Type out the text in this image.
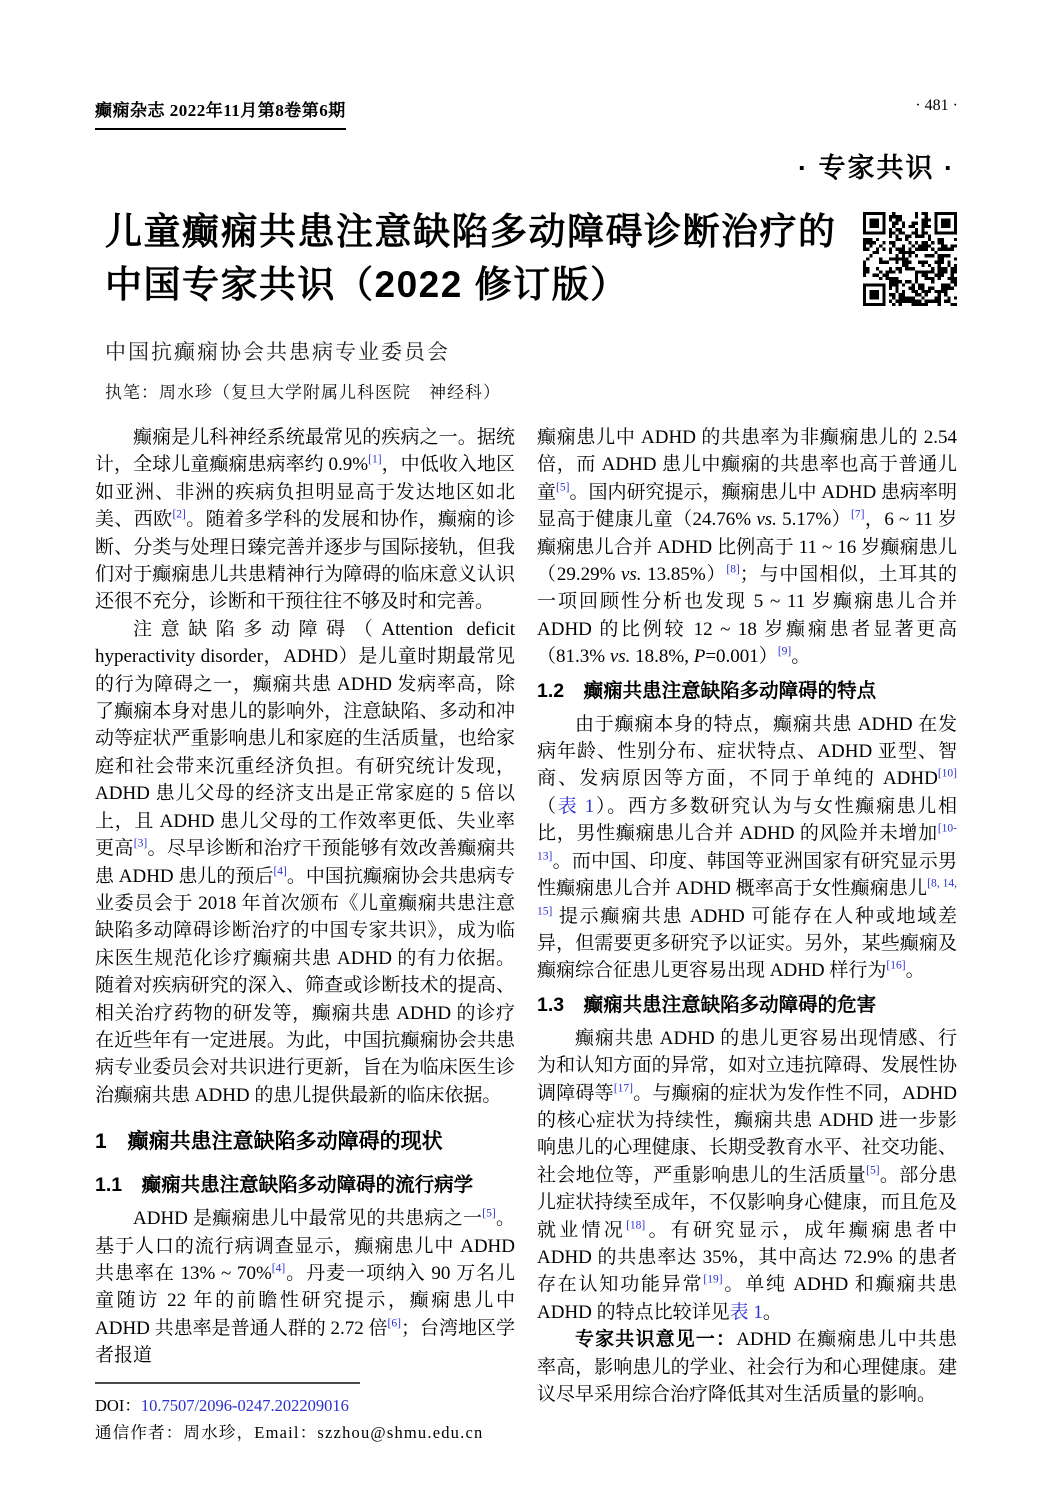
癫痫杂志 2022年11月第8卷第6期	· 481 ·
· 专家共识 ·
儿童癫痫共患注意缺陷多动障碍诊断治疗的
中国专家共识（2022 修订版）
中国抗癫痫协会共患病专业委员会
执笔：周水珍（复旦大学附属儿科医院　神经科）

癫痫是儿科神经系统最常见的疾病之一。据统计，全球儿童癫痫患病率约 0.9%[1]，中低收入地区如亚洲、非洲的疾病负担明显高于发达地区如北美、西欧[2]。随着多学科的发展和协作，癫痫的诊断、分类与处理日臻完善并逐步与国际接轨，但我们对于癫痫患儿共患精神行为障碍的临床意义认识还很不充分，诊断和干预往往不够及时和完善。

注意缺陷多动障碍（Attention deficit hyperactivity disorder，ADHD）是儿童时期最常见的行为障碍之一，癫痫共患 ADHD 发病率高，除了癫痫本身对患儿的影响外，注意缺陷、多动和冲动等症状严重影响患儿和家庭的生活质量，也给家庭和社会带来沉重经济负担。有研究统计发现，ADHD 患儿父母的经济支出是正常家庭的 5 倍以上，且 ADHD 患儿父母的工作效率更低、失业率更高[3]。尽早诊断和治疗干预能够有效改善癫痫共患 ADHD 患儿的预后[4]。中国抗癫痫协会共患病专业委员会于 2018 年首次颁布《儿童癫痫共患注意缺陷多动障碍诊断治疗的中国专家共识》，成为临床医生规范化诊疗癫痫共患 ADHD 的有力依据。随着对疾病研究的深入、筛查或诊断技术的提高、相关治疗药物的研发等，癫痫共患 ADHD 的诊疗在近些年有一定进展。为此，中国抗癫痫协会共患病专业委员会对共识进行更新，旨在为临床医生诊治癫痫共患 ADHD 的患儿提供最新的临床依据。

1　癫痫共患注意缺陷多动障碍的现状
1.1　癫痫共患注意缺陷多动障碍的流行病学

ADHD 是癫痫患儿中最常见的共患病之一[5]。基于人口的流行病调查显示，癫痫患儿中 ADHD 共患率在 13% ~ 70%[4]。丹麦一项纳入 90 万名儿童随访 22 年的前瞻性研究提示，癫痫患儿中 ADHD 共患率是普通人群的 2.72 倍[6]；台湾地区学者报道

DOI：10.7507/2096-0247.202209016
通信作者：周水珍，Email：szzhou@shmu.edu.cn

癫痫患儿中 ADHD 的共患率为非癫痫患儿的 2.54 倍，而 ADHD 患儿中癫痫的共患率也高于普通儿童[5]。国内研究提示，癫痫患儿中 ADHD 患病率明显高于健康儿童（24.76% vs. 5.17%）[7]，6 ~ 11 岁癫痫患儿合并 ADHD 比例高于 11 ~ 16 岁癫痫患儿（29.29% vs. 13.85%）[8]；与中国相似，土耳其的一项回顾性分析也发现 5 ~ 11 岁癫痫患儿合并 ADHD 的比例较 12 ~ 18 岁癫痫患者显著更高（81.3% vs. 18.8%, P=0.001）[9]。

1.2　癫痫共患注意缺陷多动障碍的特点

由于癫痫本身的特点，癫痫共患 ADHD 在发病年龄、性别分布、症状特点、ADHD 亚型、智商、发病原因等方面，不同于单纯的 ADHD[10]（表 1）。西方多数研究认为与女性癫痫患儿相比，男性癫痫患儿合并 ADHD 的风险并未增加[10-13]。而中国、印度、韩国等亚洲国家有研究显示男性癫痫患儿合并 ADHD 概率高于女性癫痫患儿[8, 14, 15] 提示癫痫共患 ADHD 可能存在人种或地域差异，但需要更多研究予以证实。另外，某些癫痫及癫痫综合征患儿更容易出现 ADHD 样行为[16]。

1.3　癫痫共患注意缺陷多动障碍的危害

癫痫共患 ADHD 的患儿更容易出现情感、行为和认知方面的异常，如对立违抗障碍、发展性协调障碍等[17]。与癫痫的症状为发作性不同，ADHD 的核心症状为持续性，癫痫共患 ADHD 进一步影响患儿的心理健康、长期受教育水平、社交功能、社会地位等，严重影响患儿的生活质量[5]。部分患儿症状持续至成年，不仅影响身心健康，而且危及就业情况[18]。有研究显示，成年癫痫患者中 ADHD 的共患率达 35%，其中高达 72.9% 的患者存在认知功能异常[19]。单纯 ADHD 和癫痫共患 ADHD 的特点比较详见表 1。

专家共识意见一：ADHD 在癫痫患儿中共患率高，影响患儿的学业、社会行为和心理健康。建议尽早采用综合治疗降低其对生活质量的影响。
